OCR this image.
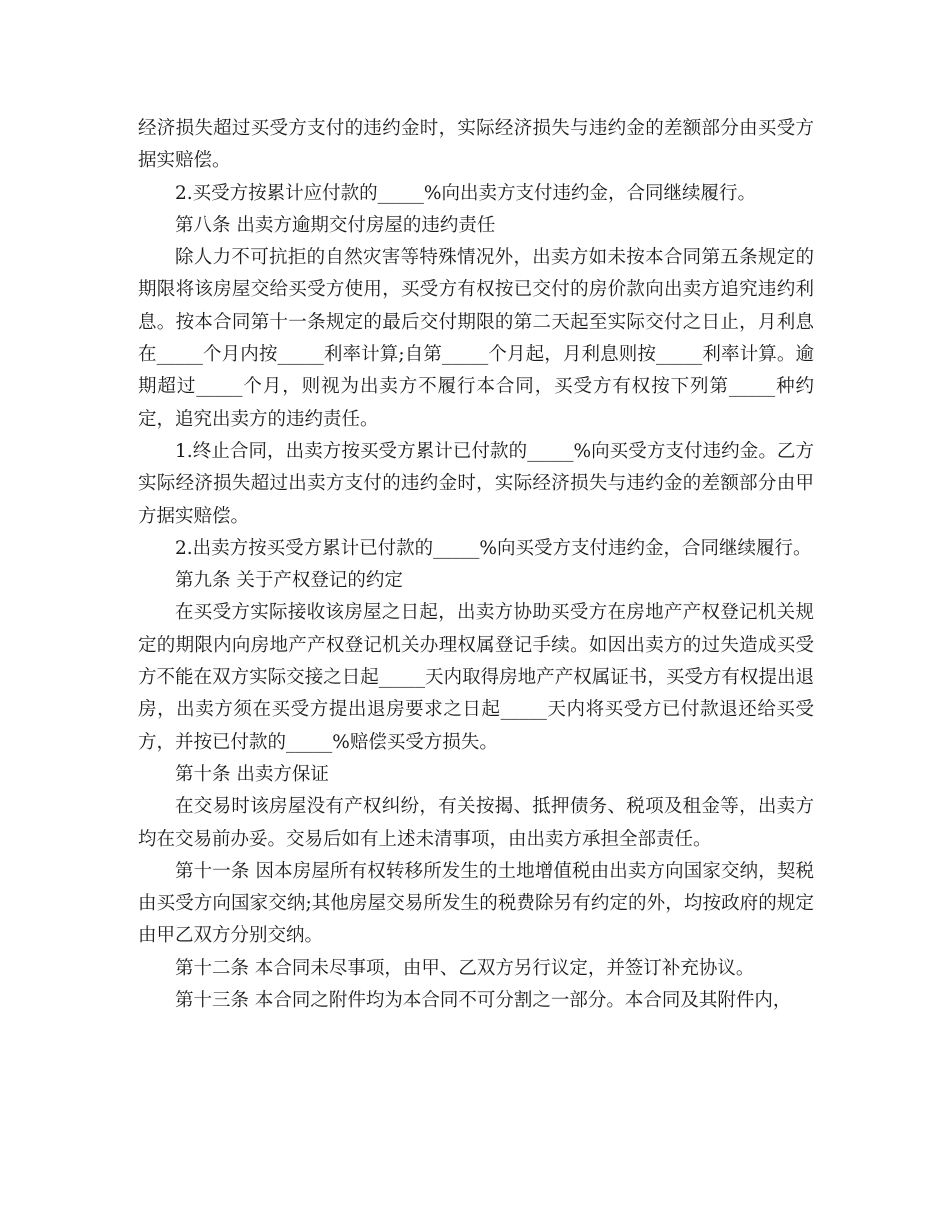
经济损失超过买受方支付的违约金时，实际经济损失与违约金的差额部分由买受方据实赔偿。

2.买受方按累计应付款的_____%向出卖方支付违约金，合同继续履行。

第八条 出卖方逾期交付房屋的违约责任

除人力不可抗拒的自然灾害等特殊情况外，出卖方如未按本合同第五条规定的期限将该房屋交给买受方使用，买受方有权按已交付的房价款向出卖方追究违约利息。按本合同第十一条规定的最后交付期限的第二天起至实际交付之日止，月利息在_____个月内按_____利率计算;自第_____个月起，月利息则按_____利率计算。逾期超过_____个月，则视为出卖方不履行本合同，买受方有权按下列第_____种约定，追究出卖方的违约责任。

1.终止合同，出卖方按买受方累计已付款的_____%向买受方支付违约金。乙方实际经济损失超过出卖方支付的违约金时，实际经济损失与违约金的差额部分由甲方据实赔偿。

2.出卖方按买受方累计已付款的_____%向买受方支付违约金，合同继续履行。

第九条 关于产权登记的约定

在买受方实际接收该房屋之日起，出卖方协助买受方在房地产产权登记机关规定的期限内向房地产产权登记机关办理权属登记手续。如因出卖方的过失造成买受方不能在双方实际交接之日起_____天内取得房地产产权属证书，买受方有权提出退房，出卖方须在买受方提出退房要求之日起_____天内将买受方已付款退还给买受方，并按已付款的_____%赔偿买受方损失。

第十条 出卖方保证

在交易时该房屋没有产权纠纷，有关按揭、抵押债务、税项及租金等，出卖方均在交易前办妥。交易后如有上述未清事项，由出卖方承担全部责任。

第十一条 因本房屋所有权转移所发生的土地增值税由出卖方向国家交纳，契税由买受方向国家交纳;其他房屋交易所发生的税费除另有约定的外，均按政府的规定由甲乙双方分别交纳。

第十二条 本合同未尽事项，由甲、乙双方另行议定，并签订补充协议。

第十三条 本合同之附件均为本合同不可分割之一部分。本合同及其附件内，
